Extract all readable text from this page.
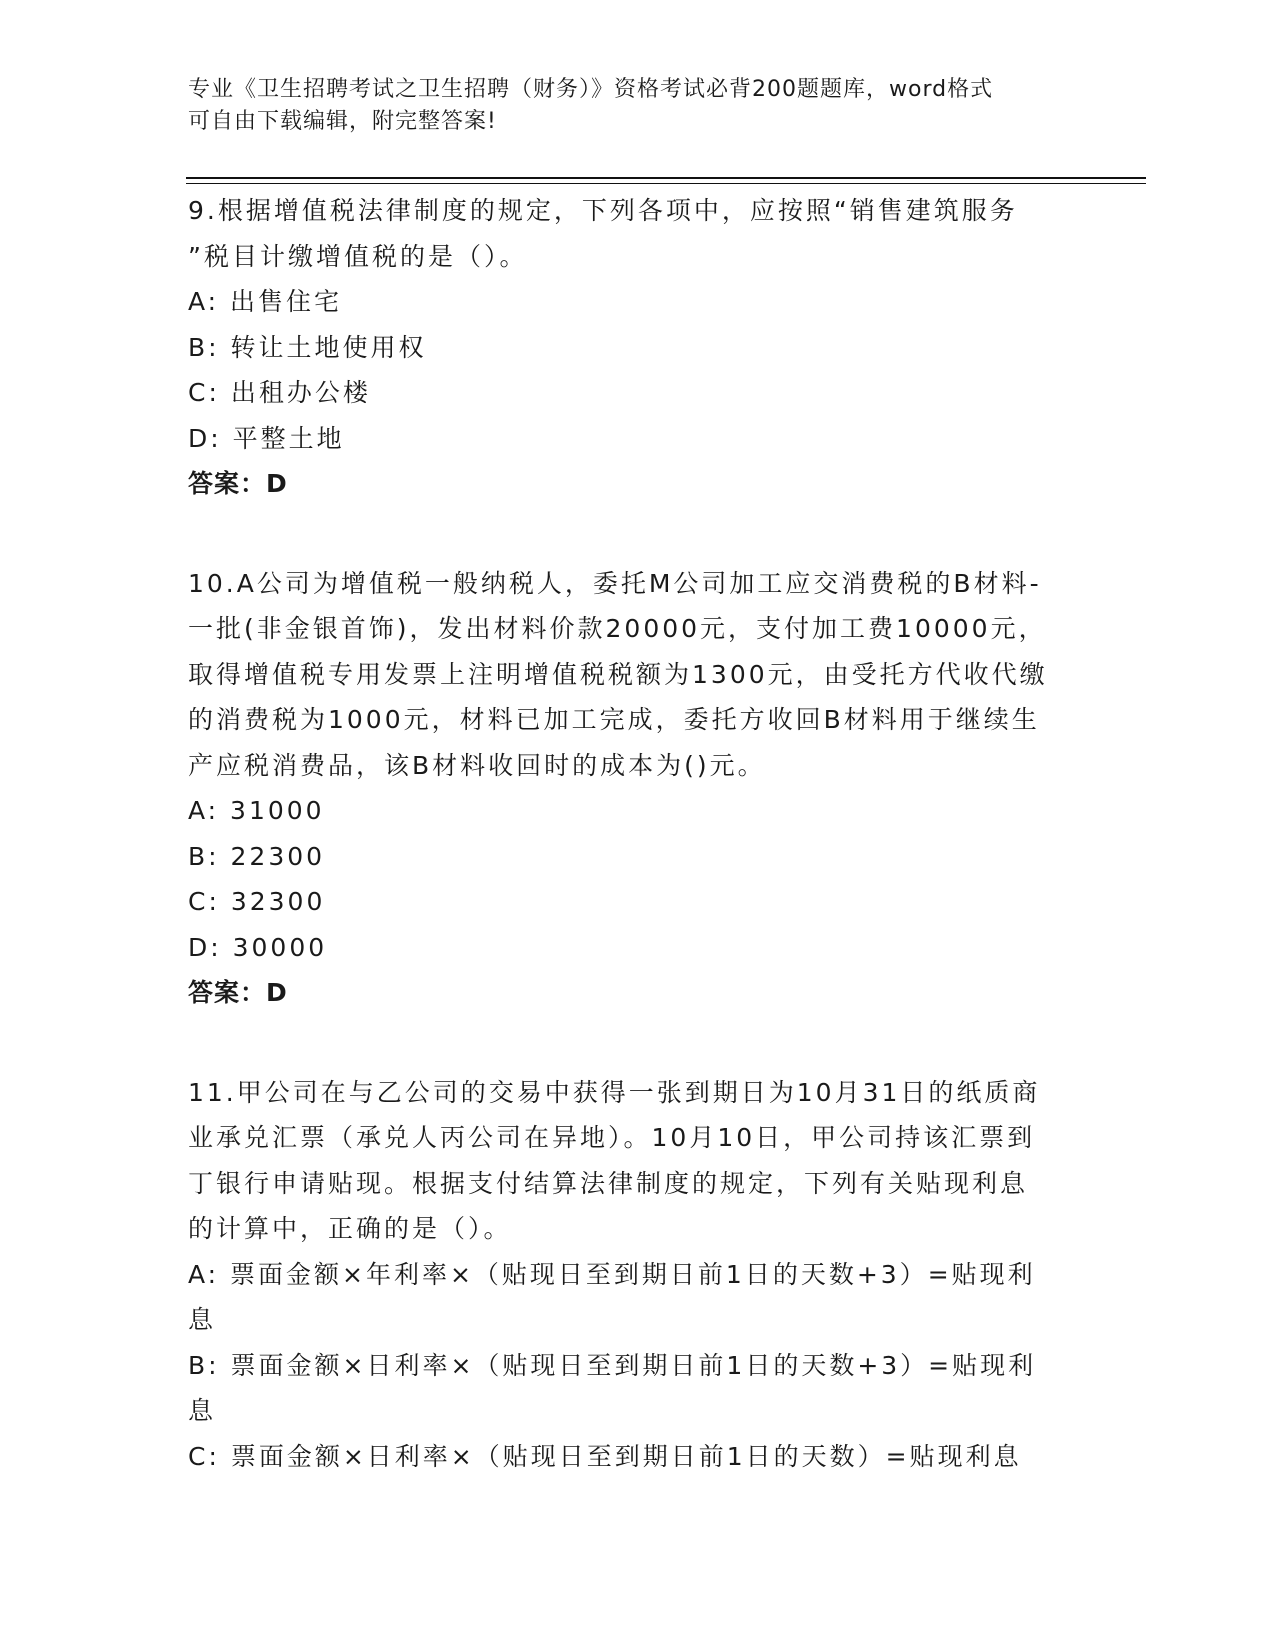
专业《卫生招聘考试之卫生招聘（财务）》资格考试必背200题题库，word格式
可自由下载编辑，附完整答案!

9.根据增值税法律制度的规定，下列各项中，应按照“销售建筑服务
”税目计缴增值税的是（）。

A: 出售住宅

B: 转让土地使用权

C: 出租办公楼

D: 平整土地

答案：D

10.A公司为增值税一般纳税人，委托M公司加工应交消费税的B材料-
一批(非金银首饰)，发出材料价款20000元，支付加工费10000元，
取得增值税专用发票上注明增值税税额为1300元，由受托方代收代缴
的消费税为1000元，材料已加工完成，委托方收回B材料用于继续生
产应税消费品，该B材料收回时的成本为()元。

A: 31000

B: 22300

C: 32300

D: 30000

答案：D

11.甲公司在与乙公司的交易中获得一张到期日为10月31日的纸质商
业承兑汇票（承兑人丙公司在异地）。10月10日，甲公司持该汇票到
丁银行申请贴现。根据支付结算法律制度的规定，下列有关贴现利息
的计算中，正确的是（）。

A: 票面金额×年利率×（贴现日至到期日前1日的天数+3）=贴现利
息

B: 票面金额×日利率×（贴现日至到期日前1日的天数+3）=贴现利
息

C: 票面金额×日利率×（贴现日至到期日前1日的天数）=贴现利息
